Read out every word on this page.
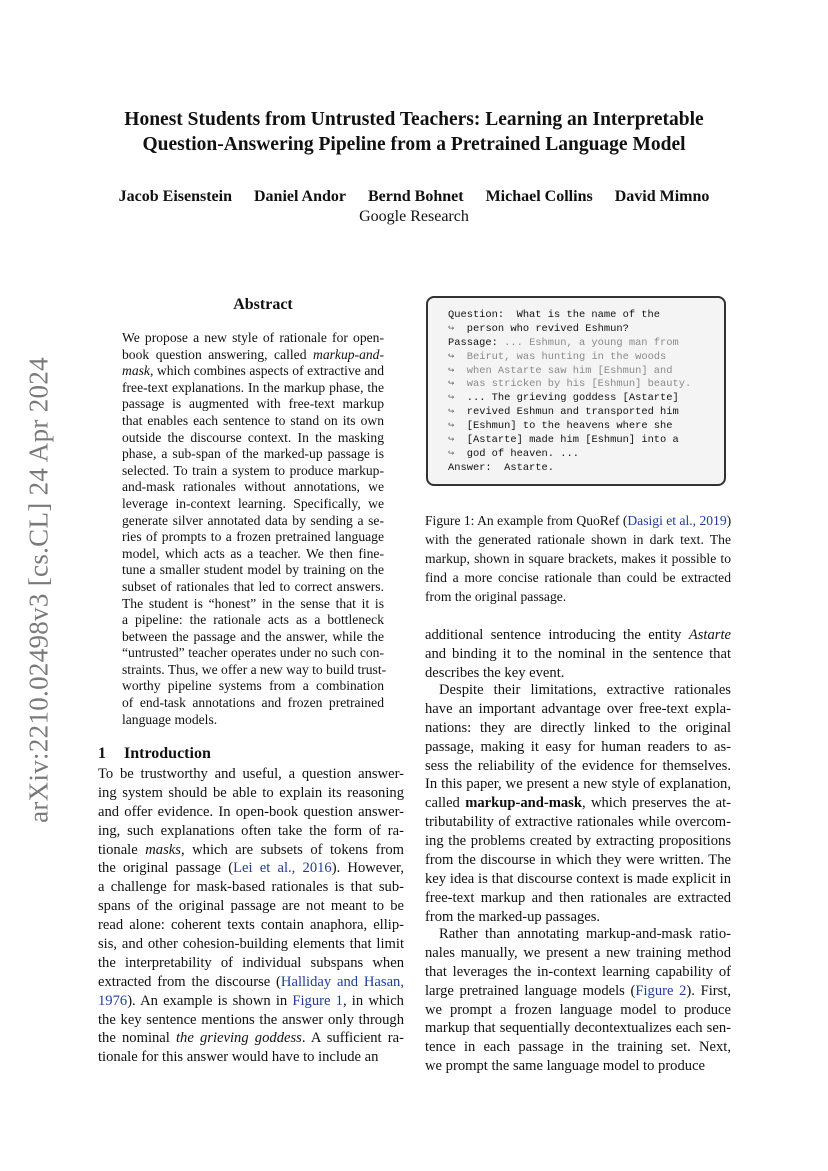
arXiv:2210.02498v3 [cs.CL] 24 Apr 2024
Honest Students from Untrusted Teachers: Learning an Interpretable
Question-Answering Pipeline from a Pretrained Language Model
Jacob Eisenstein Daniel Andor Bernd Bohnet Michael Collins David Mimno
Google Research
Abstract
We propose a new style of rationale for open-
book question answering, called markup-and-
mask, which combines aspects of extractive and
free-text explanations. In the markup phase, the
passage is augmented with free-text markup
that enables each sentence to stand on its own
outside the discourse context. In the masking
phase, a sub-span of the marked-up passage is
selected. To train a system to produce markup-
and-mask rationales without annotations, we
leverage in-context learning. Specifically, we
generate silver annotated data by sending a se-
ries of prompts to a frozen pretrained language
model, which acts as a teacher. We then fine-
tune a smaller student model by training on the
subset of rationales that led to correct answers.
The student is “honest” in the sense that it is
a pipeline: the rationale acts as a bottleneck
between the passage and the answer, while the
“untrusted” teacher operates under no such con-
straints. Thus, we offer a new way to build trust-
worthy pipeline systems from a combination
of end-task annotations and frozen pretrained
language models.
1 Introduction
To be trustworthy and useful, a question answer-
ing system should be able to explain its reasoning
and offer evidence. In open-book question answer-
ing, such explanations often take the form of ra-
tionale masks, which are subsets of tokens from
the original passage (Lei et al., 2016). However,
a challenge for mask-based rationales is that sub-
spans of the original passage are not meant to be
read alone: coherent texts contain anaphora, ellip-
sis, and other cohesion-building elements that limit
the interpretability of individual subspans when
extracted from the discourse (Halliday and Hasan,
1976). An example is shown in Figure 1, in which
the key sentence mentions the answer only through
the nominal the grieving goddess. A sufficient ra-
tionale for this answer would have to include an
Question:  What is the name of the
↪  person who revived Eshmun?
Passage: ... Eshmun, a young man from
↪  Beirut, was hunting in the woods
↪  when Astarte saw him [Eshmun] and
↪  was stricken by his [Eshmun] beauty.
↪  ... The grieving goddess [Astarte]
↪  revived Eshmun and transported him
↪  [Eshmun] to the heavens where she
↪  [Astarte] made him [Eshmun] into a
↪  god of heaven. ...
Answer:  Astarte.
Figure 1: An example from QuoRef (Dasigi et al., 2019)
with the generated rationale shown in dark text. The
markup, shown in square brackets, makes it possible to
find a more concise rationale than could be extracted
from the original passage.
additional sentence introducing the entity Astarte
and binding it to the nominal in the sentence that
describes the key event.
Despite their limitations, extractive rationales
have an important advantage over free-text expla-
nations: they are directly linked to the original
passage, making it easy for human readers to as-
sess the reliability of the evidence for themselves.
In this paper, we present a new style of explanation,
called markup-and-mask, which preserves the at-
tributability of extractive rationales while overcom-
ing the problems created by extracting propositions
from the discourse in which they were written. The
key idea is that discourse context is made explicit in
free-text markup and then rationales are extracted
from the marked-up passages.
Rather than annotating markup-and-mask ratio-
nales manually, we present a new training method
that leverages the in-context learning capability of
large pretrained language models (Figure 2). First,
we prompt a frozen language model to produce
markup that sequentially decontextualizes each sen-
tence in each passage in the training set. Next,
we prompt the same language model to produce
